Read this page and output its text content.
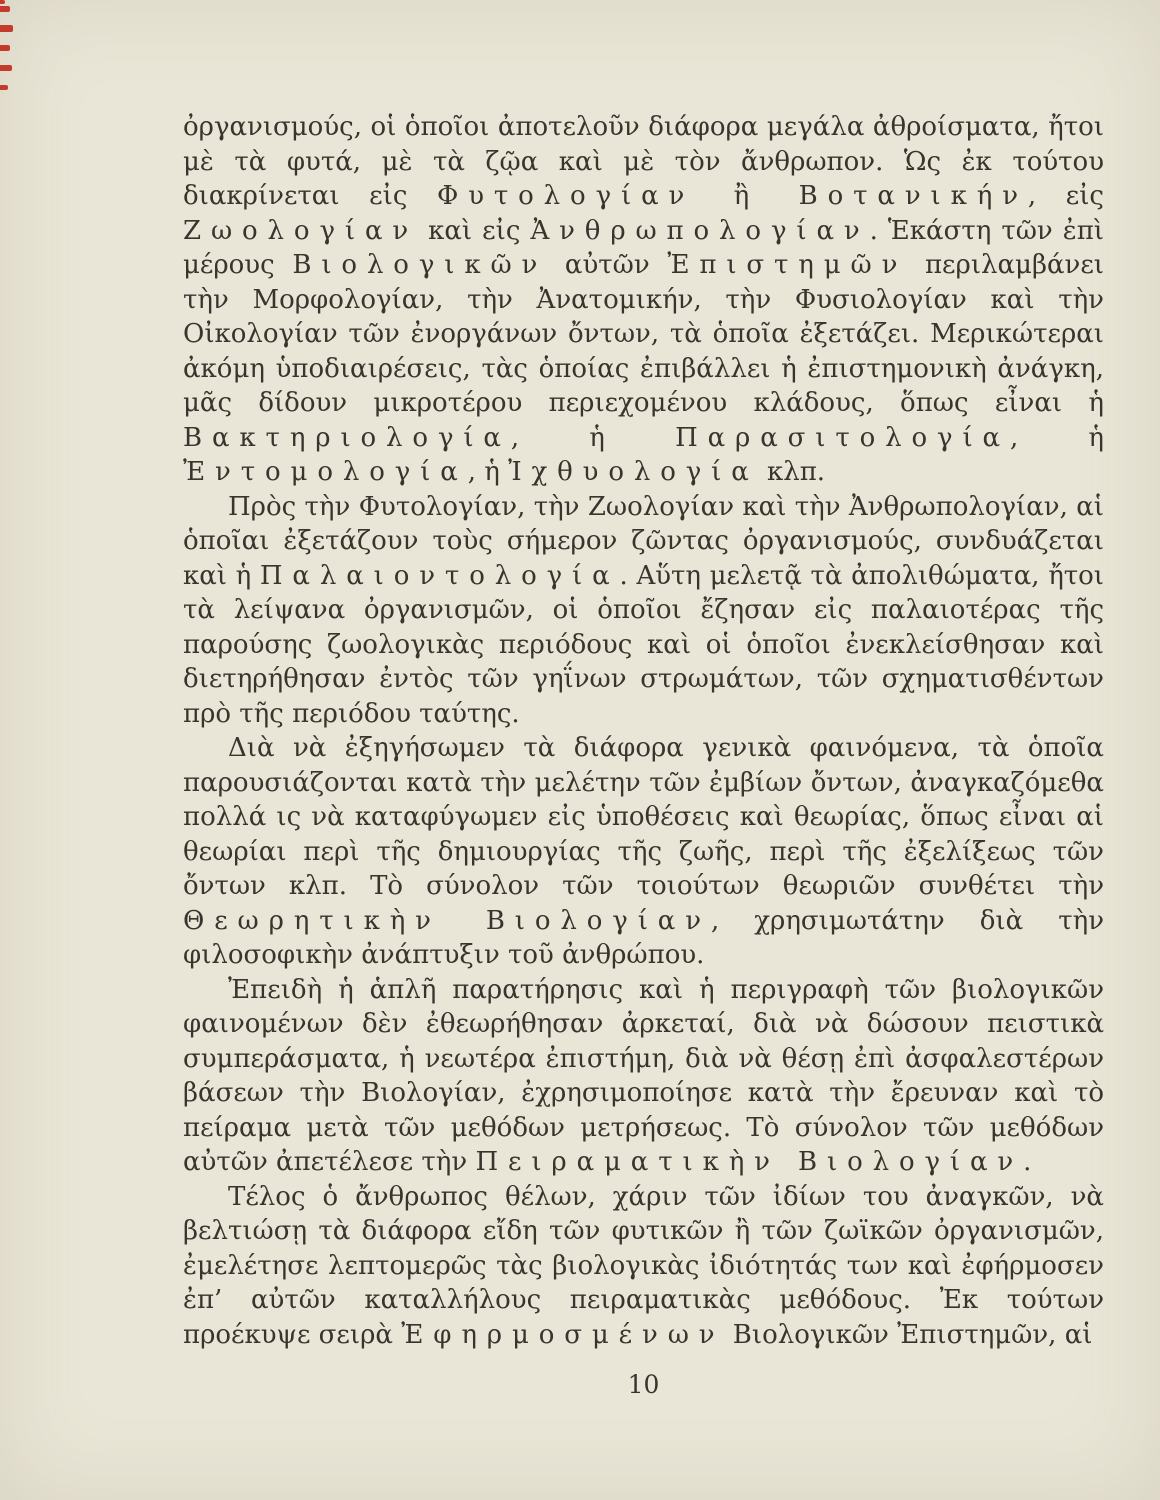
ὀργανισμούς, οἱ ὁποῖοι ἀποτελοῦν διάφορα μεγάλα ἀθροίσματα, ἤτοι μὲ τὰ φυτά, μὲ τὰ ζῷα καὶ μὲ τὸν ἄνθρωπον. Ὡς ἐκ τούτου διακρίνεται εἰς Φυτολογίαν ἢ Βοτανικήν, εἰς Ζωολογίαν καὶ εἰς Ἀνθρωπολογίαν. Ἑκάστη τῶν ἐπὶ μέρους Βιολογικῶν αὐτῶν Ἐπιστημῶν περιλαμβάνει τὴν Μορφολογίαν, τὴν Ἀνατομικήν, τὴν Φυσιολογίαν καὶ τὴν Οἰκολογίαν τῶν ἐνοργάνων ὄντων, τὰ ὁποῖα ἐξετάζει. Μερικώτεραι ἀκόμη ὑποδιαιρέσεις, τὰς ὁποίας ἐπιβάλλει ἡ ἐπιστημονικὴ ἀνάγκη, μᾶς δίδουν μικροτέρου περιεχομένου κλάδους, ὅπως εἶναι ἡ Βακτηριολογία, ἡ Παρασιτολογία, ἡ Ἐντομολογία, ἡ Ἰχθυολογία κλπ.

Πρὸς τὴν Φυτολογίαν, τὴν Ζωολογίαν καὶ τὴν Ἀνθρωπολογίαν, αἱ ὁποῖαι ἐξετάζουν τοὺς σήμερον ζῶντας ὀργανισμούς, συνδυάζεται καὶ ἡ Παλαιοντολογία. Αὕτη μελετᾷ τὰ ἀπολιθώματα, ἤτοι τὰ λείψανα ὀργανισμῶν, οἱ ὁποῖοι ἔζησαν εἰς παλαιοτέρας τῆς παρούσης ζωολογικὰς περιόδους καὶ οἱ ὁποῖοι ἐνεκλείσθησαν καὶ διετηρήθησαν ἐντὸς τῶν γηΐνων στρωμάτων, τῶν σχηματισθέντων πρὸ τῆς περιόδου ταύτης.

Διὰ νὰ ἐξηγήσωμεν τὰ διάφορα γενικὰ φαινόμενα, τὰ ὁποῖα παρουσιάζονται κατὰ τὴν μελέτην τῶν ἐμβίων ὄντων, ἀναγκαζόμεθα πολλά ις νὰ καταφύγωμεν εἰς ὑποθέσεις καὶ θεωρίας, ὅπως εἶναι αἱ θεωρίαι περὶ τῆς δημιουργίας τῆς ζωῆς, περὶ τῆς ἐξελίξεως τῶν ὄντων κλπ. Τὸ σύνολον τῶν τοιούτων θεωριῶν συνθέτει τὴν Θεωρητικὴν Βιολογίαν, χρησιμωτάτην διὰ τὴν φιλοσοφικὴν ἀνάπτυξιν τοῦ ἀνθρώπου.

Ἐπειδὴ ἡ ἁπλῆ παρατήρησις καὶ ἡ περιγραφὴ τῶν βιολογικῶν φαινομένων δὲν ἐθεωρήθησαν ἀρκεταί, διὰ νὰ δώσουν πειστικὰ συμπεράσματα, ἡ νεωτέρα ἐπιστήμη, διὰ νὰ θέσῃ ἐπὶ ἀσφαλεστέρων βάσεων τὴν Βιολογίαν, ἐχρησιμοποίησε κατὰ τὴν ἔρευναν καὶ τὸ πείραμα μετὰ τῶν μεθόδων μετρήσεως. Τὸ σύνολον τῶν μεθόδων αὐτῶν ἀπετέλεσε τὴν Πειραματικὴν Βιολογίαν.

Τέλος ὁ ἄνθρωπος θέλων, χάριν τῶν ἰδίων του ἀναγκῶν, νὰ βελτιώσῃ τὰ διάφορα εἴδη τῶν φυτικῶν ἢ τῶν ζωϊκῶν ὀργανισμῶν, ἐμελέτησε λεπτομερῶς τὰς βιολογικὰς ἰδιότητάς των καὶ ἐφήρμοσεν ἐπ’ αὐτῶν καταλλήλους πειραματικὰς μεθόδους. Ἐκ τούτων προέκυψε σειρὰ Ἐφηρμοσμένων Βιολογικῶν Ἐπιστημῶν, αἱ

10
